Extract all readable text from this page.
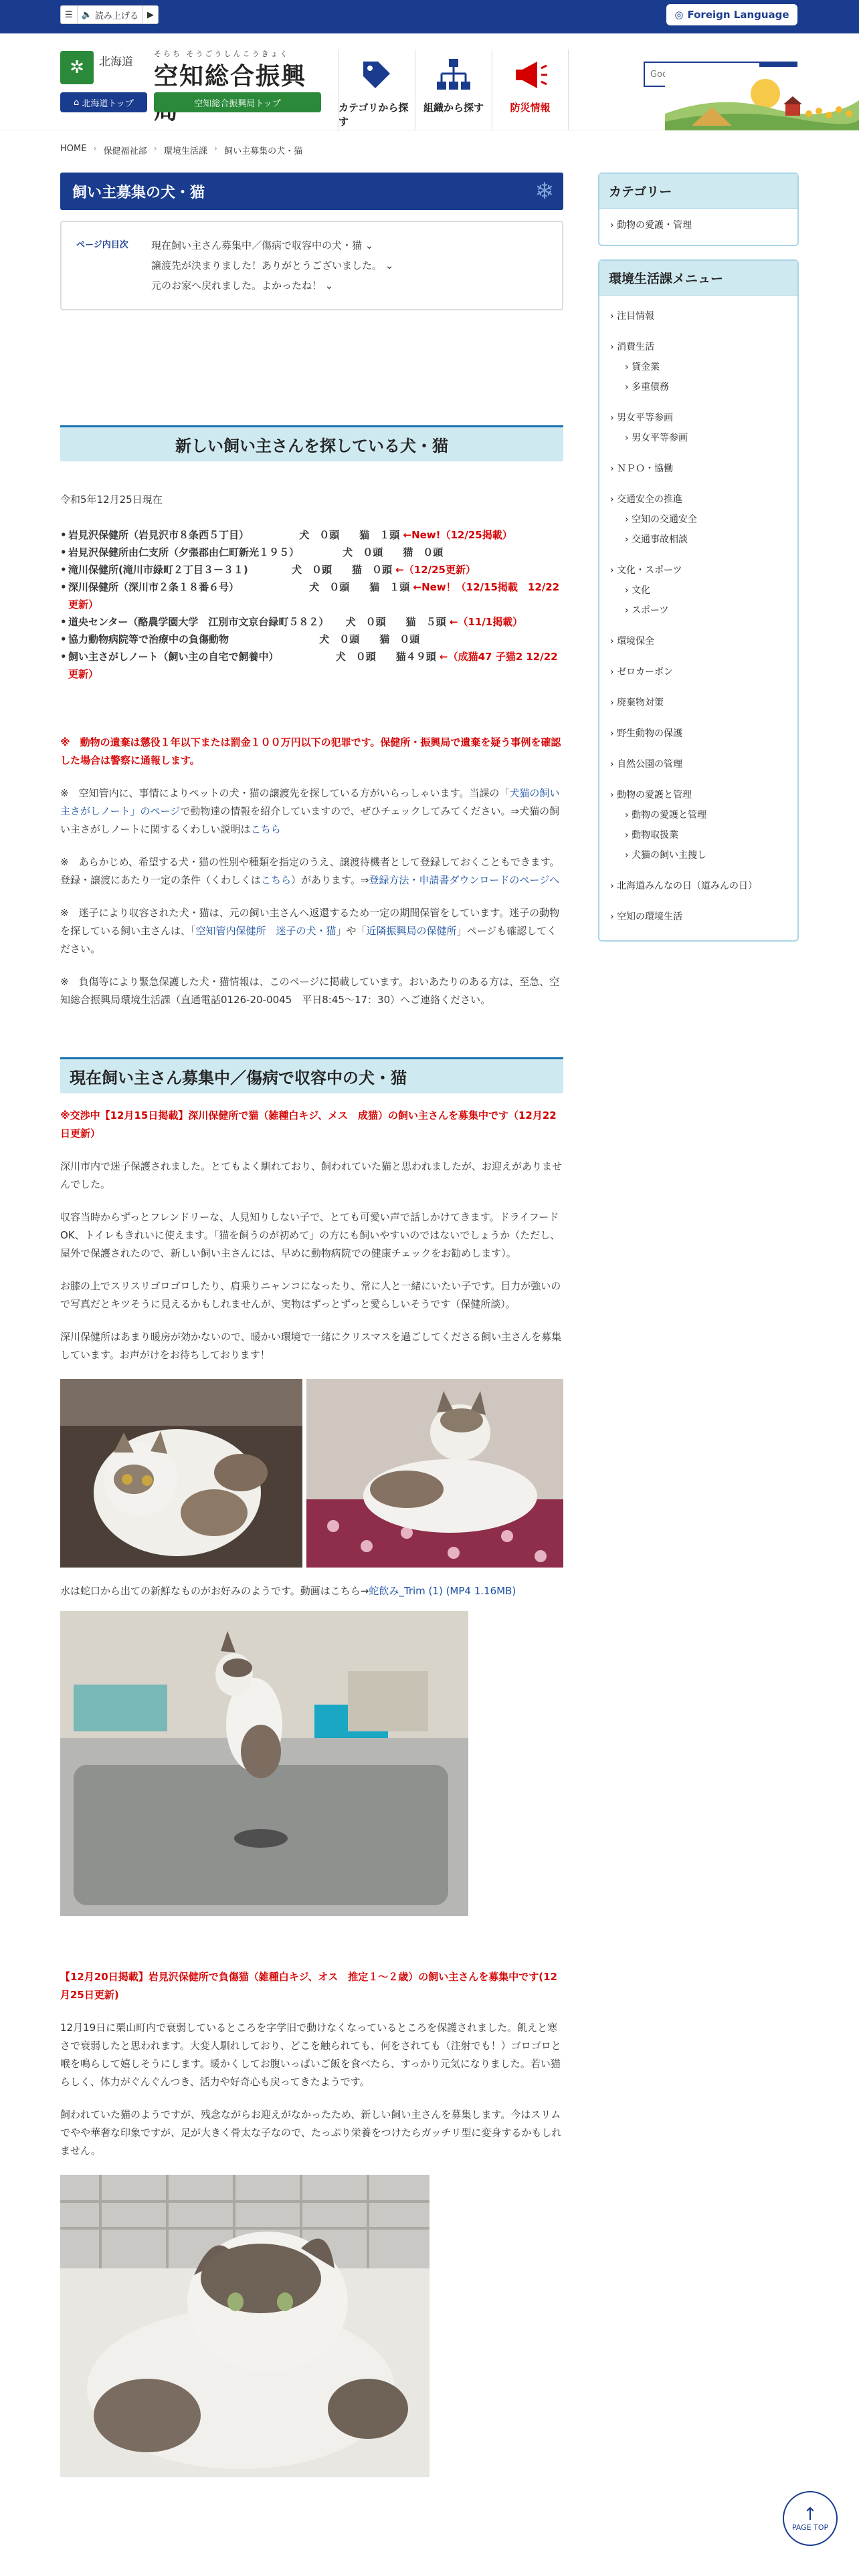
☰	🔈 読み上げる	▶	◎ Foreign Language
✲	北海道
そらち そうごうしんこうきょく
空知総合振興
⌂ 北海道トップ	空知総合振興局トップ	カテゴリから探す
組織から探す	防災情報
Google 提供
HOME › 保健福祉部 › 環境生活課 › 飼い主募集の犬・猫
飼い主募集の犬・猫	❄
ページ内目次	現在飼い主さん募集中／傷病で収容中の犬・猫 ⌄
譲渡先が決まりました！ありがとうございました。 ⌄
元のお家へ戻れました。よかったね！ ⌄
新しい飼い主さんを探している犬・猫

令和5年12月25日現在

• 岩見沢保健所（岩見沢市８条西５丁目）	犬　０頭　　猫　１頭 ←New!（12/25掲載）
• 岩見沢保健所由仁支所（夕張郡由仁町新光１９５）	犬　０頭　　猫　０頭
• 滝川保健所(滝川市緑町２丁目３－３１)	犬　０頭　　猫　０頭 ←（12/25更新）
• 深川保健所（深川市２条１８番６号）	犬　０頭　　猫　１頭 ←New！（12/15掲載　12/22更新）
• 道央センター（酪農学園大学　江別市文京台緑町５８２） 犬　０頭　　猫　５頭 ←（11/1掲載）
• 協力動物病院等で治療中の負傷動物	犬　０頭　　猫　０頭
• 飼い主さがしノート（飼い主の自宅で飼養中）	犬　０頭　　猫４９頭 ←（成猫47 子猫2 12/22更新）

※　動物の遺棄は懲役１年以下または罰金１００万円以下の犯罪です。保健所・振興局で遺棄を疑う事例を確認した場合は警察に通報します。

※　空知管内に、事情によりペットの犬・猫の譲渡先を探している方がいらっしゃいます。当課の「犬猫の飼い主さがしノート」のページで動物達の情報を紹介していますので、ぜひチェックしてみてください。⇒犬猫の飼い主さがしノートに関するくわしい説明はこちら

※　あらかじめ、希望する犬・猫の性別や種類を指定のうえ、譲渡待機者として登録しておくこともできます。登録・譲渡にあたり一定の条件（くわしくはこちら）があります。⇒登録方法・申請書ダウンロードのページへ

※　迷子により収容された犬・猫は、元の飼い主さんへ返還するため一定の期間保管をしています。迷子の動物を探している飼い主さんは、「空知管内保健所　迷子の犬・猫」や「近隣振興局の保健所」ページも確認してください。

※　負傷等により緊急保護した犬・猫情報は、このページに掲載しています。おいあたりのある方は、至急、空知総合振興局環境生活課（直通電話0126-20-0045　平日8:45～17：30）へご連絡ください。

現在飼い主さん募集中／傷病で収容中の犬・猫

※交渉中【12月15日掲載】深川保健所で猫（雑種白キジ、メス　成猫）の飼い主さんを募集中です（12月22日更新）

深川市内で迷子保護されました。とてもよく馴れており、飼われていた猫と思われましたが、お迎えがありませんでした。

収容当時からずっとフレンドリーな、人見知りしない子で、とても可愛い声で話しかけてきます。ドライフードOK、トイレもきれいに使えます。「猫を飼うのが初めて」の方にも飼いやすいのではないでしょうか（ただし、屋外で保護されたので、新しい飼い主さんには、早めに動物病院での健康チェックをお勧めします）。

お膝の上でスリスリゴロゴロしたり、肩乗りニャンコになったり、常に人と一緒にいたい子です。目力が強いので写真だとキツそうに見えるかもしれませんが、実物はずっとずっと愛らしいそうです（保健所談）。

深川保健所はあまり暖房が効かないので、暖かい環境で一緒にクリスマスを過ごしてくださる飼い主さんを募集しています。お声がけをお待ちしております！

水は蛇口から出ての新鮮なものがお好みのようです。動画はこちら→蛇飲み_Trim (1) (MP4 1.16MB)

【12月20日掲載】岩見沢保健所で負傷猫（雑種白キジ、オス　推定１～２歳）の飼い主さんを募集中です(12月25日更新)

12月19日に栗山町内で衰弱しているところを字学旧で動けなくなっているところを保護されました。飢えと寒さで衰弱したと思われます。大変人馴れしており、どこを触られても、何をされても（注射でも！）ゴロゴロと喉を鳴らして嬉しそうにします。暖かくしてお腹いっぱいご飯を食べたら、すっかり元気になりました。若い猫らしく、体力がぐんぐんつき、活力や好奇心も戻ってきたようです。

飼われていた猫のようですが、残念ながらお迎えがなかったため、新しい飼い主さんを募集します。今はスリムでやや華奢な印象ですが、足が大きく骨太な子なので、たっぷり栄養をつけたらガッチリ型に変身するかもしれません。

カテゴリー
› 動物の愛護・管理
環境生活課メニュー
› 注目情報
› 消費生活
› 貸金業
› 多重債務
› 男女平等参画
› 男女平等参画
› ＮＰＯ・協働
› 交通安全の推進
› 空知の交通安全
› 交通事故相談
› 文化・スポーツ
› 文化
› スポーツ
› 環境保全
› ゼロカーボン
› 廃棄物対策
› 野生動物の保護
› 自然公園の管理
› 動物の愛護と管理
› 動物の愛護と管理
› 動物取扱業
› 犬猫の飼い主捜し
› 北海道みんなの日（道みんの日）
› 空知の環境生活
↑
PAGE TOP
